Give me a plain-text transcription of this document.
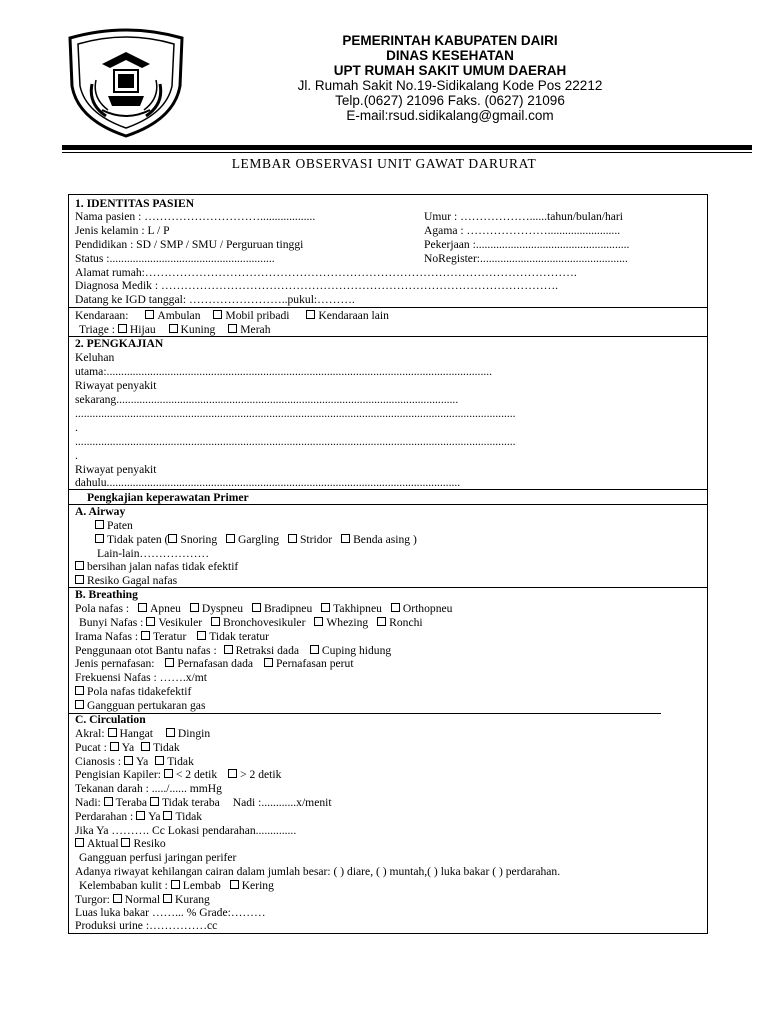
PEMERINTAH KABUPATEN DAIRI
DINAS KESEHATAN
UPT RUMAH SAKIT UMUM DAERAH
Jl. Rumah Sakit No.19-Sidikalang Kode Pos 22212
Telp.(0627) 21096 Faks. (0627) 21096
E-mail:rsud.sidikalang@gmail.com
LEMBAR OBSERVASI UNIT GAWAT DARURAT
1. IDENTITAS PASIEN
Nama pasien : …………………………...................	Umur : ………………......tahun/bulan/hari
Jenis kelamin : L / P	Agama : ………………….........................
Pendidikan : SD / SMP / SMU / Perguruan tinggi	Pekerjaan :.....................................................
Status :.........................................................	NoRegister:...................................................
Alamat rumah:………………………………………………………………………………………………….
Diagnosa Medik : ………………………………………………………………………………………….
Datang ke IGD tanggal: ……………………..pukul:……….
Kendaraan: Ambulan Mobil pribadi Kendaraan lain
Triage : Hijau Kuning Merah
2. PENGKAJIAN
Keluhan
utama:.....................................................................................................................................
Riwayat penyakit
sekarang......................................................................................................................
........................................................................................................................................................
.
........................................................................................................................................................
.
Riwayat penyakit
dahulu..........................................................................................................................
Pengkajian keperawatan Primer
A. Airway
Paten
Tidak paten ( Snoring Gargling Stridor Benda asing )
Lain-lain………………
bersihan jalan nafas tidak efektif
Resiko Gagal nafas
B. Breathing
Pola nafas : Apneu Dyspneu Bradipneu Takhipneu Orthopneu
Bunyi Nafas : Vesikuler Bronchovesikuler Whezing Ronchi
Irama Nafas : Teratur Tidak teratur
Penggunaan otot Bantu nafas : Retraksi dada Cuping hidung
Jenis pernafasan: Pernafasan dada Pernafasan perut
Frekuensi Nafas : …….x/mt
Pola nafas tidakefektif
Gangguan pertukaran gas
C. Circulation
Akral: Hangat Dingin
Pucat : Ya Tidak
Cianosis : Ya Tidak
Pengisian Kapiler: < 2 detik > 2 detik
Tekanan darah : ...../...... mmHg
Nadi: Teraba Tidak teraba Nadi :............x/menit
Perdarahan : Ya Tidak
Jika Ya ………. Cc Lokasi pendarahan..............
Aktual Resiko
Gangguan perfusi jaringan perifer
Adanya riwayat kehilangan cairan dalam jumlah besar: ( ) diare, ( ) muntah,( ) luka bakar ( ) perdarahan.
Kelembaban kulit : Lembab Kering
Turgor: Normal Kurang
Luas luka bakar ……... % Grade:………
Produksi urine :……………cc
